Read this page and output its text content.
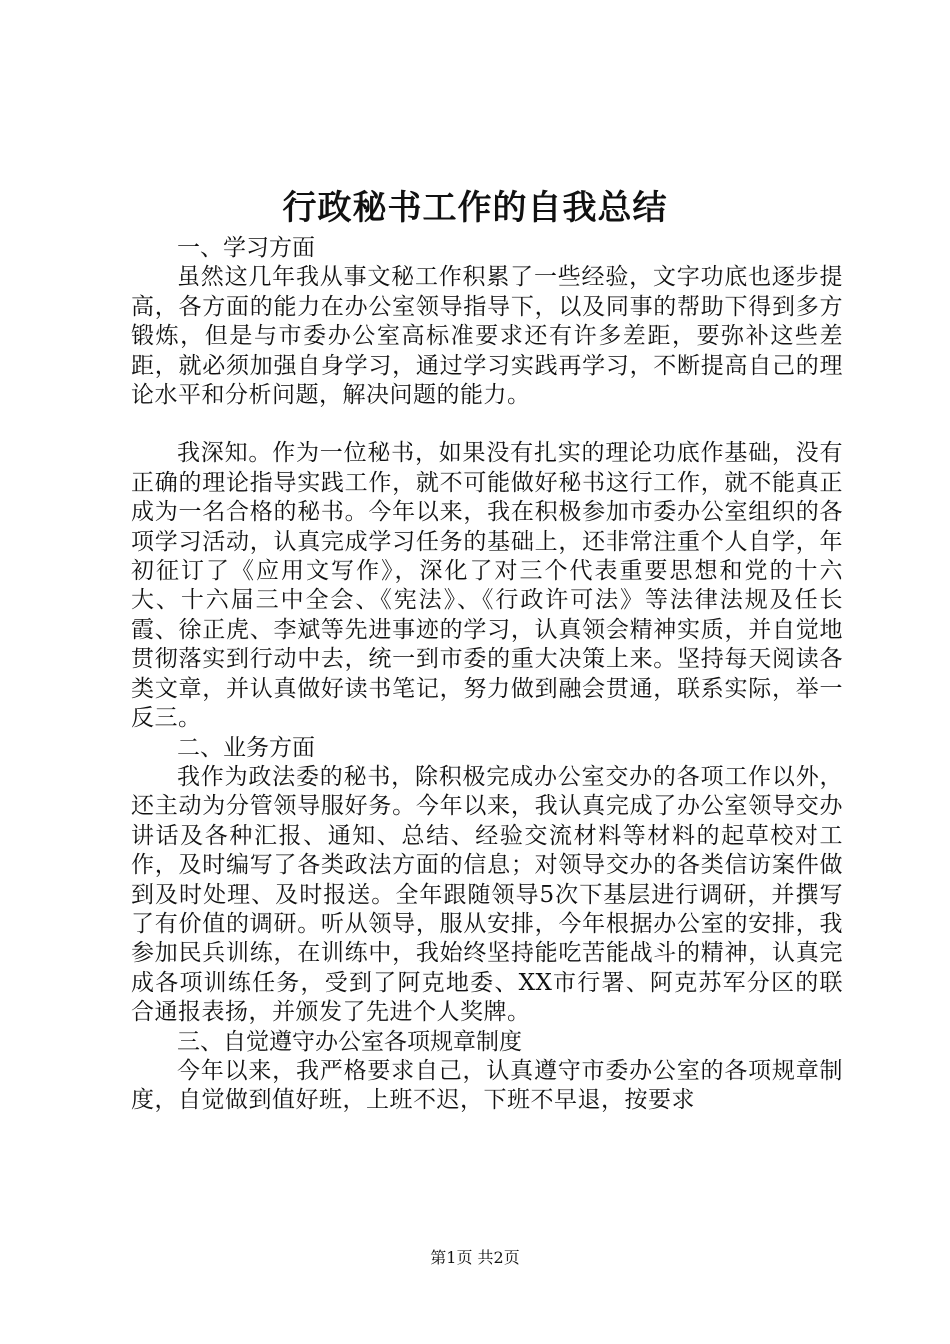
行政秘书工作的自我总结

一、学习方面

虽然这几年我从事文秘工作积累了一些经验，文字功底也逐步提高，各方面的能力在办公室领导指导下，以及同事的帮助下得到多方锻炼，但是与市委办公室高标准要求还有许多差距，要弥补这些差距，就必须加强自身学习，通过学习实践再学习，不断提高自己的理论水平和分析问题，解决问题的能力。

我深知。作为一位秘书，如果没有扎实的理论功底作基础，没有正确的理论指导实践工作，就不可能做好秘书这行工作，就不能真正成为一名合格的秘书。今年以来，我在积极参加市委办公室组织的各项学习活动，认真完成学习任务的基础上，还非常注重个人自学，年初征订了《应用文写作》，深化了对三个代表重要思想和党的十六大、十六届三中全会、《宪法》、《行政许可法》等法律法规及任长霞、徐正虎、李斌等先进事迹的学习，认真领会精神实质，并自觉地贯彻落实到行动中去，统一到市委的重大决策上来。坚持每天阅读各类文章，并认真做好读书笔记，努力做到融会贯通，联系实际，举一反三。

二、业务方面

我作为政法委的秘书，除积极完成办公室交办的各项工作以外，还主动为分管领导服好务。今年以来，我认真完成了办公室领导交办讲话及各种汇报、通知、总结、经验交流材料等材料的起草校对工作，及时编写了各类政法方面的信息；对领导交办的各类信访案件做到及时处理、及时报送。全年跟随领导5次下基层进行调研，并撰写了有价值的调研。听从领导，服从安排，今年根据办公室的安排，我参加民兵训练，在训练中，我始终坚持能吃苦能战斗的精神，认真完成各项训练任务，受到了阿克地委、XX市行署、阿克苏军分区的联合通报表扬，并颁发了先进个人奖牌。

三、自觉遵守办公室各项规章制度

今年以来，我严格要求自己，认真遵守市委办公室的各项规章制度，自觉做到值好班，上班不迟，下班不早退，按要求

第1页 共2页
